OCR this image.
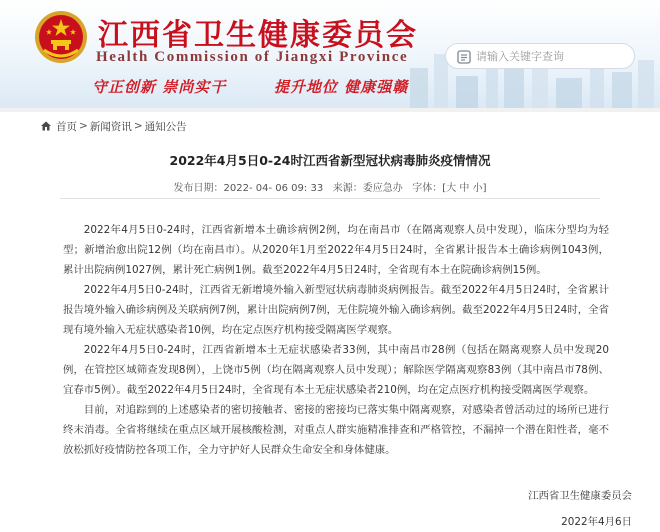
江西省卫生健康委员会
Health Commission of Jiangxi Province
守正创新 崇尚实干	提升地位 健康强赣
请输入关键字查询
首页 > 新闻资讯 > 通知公告
2022年4月5日0-24时江西省新型冠状病毒肺炎疫情情况
发布日期：2022- 04- 06 09: 33 来源：委应急办 字体：[大 中 小]

2022年4月5日0-24时，江西省新增本土确诊病例2例，均在南昌市（在隔离观察人员中发现），临床分型均为轻型；新增治愈出院12例（均在南昌市）。从2020年1月至2022年4月5日24时，全省累计报告本土确诊病例1043例，累计出院病例1027例，累计死亡病例1例。截至2022年4月5日24时，全省现有本土在院确诊病例15例。

2022年4月5日0-24时，江西省无新增境外输入新型冠状病毒肺炎病例报告。截至2022年4月5日24时，全省累计报告境外输入确诊病例及关联病例7例，累计出院病例7例，无住院境外输入确诊病例。截至2022年4月5日24时，全省现有境外输入无症状感染者10例，均在定点医疗机构接受隔离医学观察。

2022年4月5日0-24时，江西省新增本土无症状感染者33例，其中南昌市28例（包括在隔离观察人员中发现20例，在管控区域筛查发现8例），上饶市5例（均在隔离观察人员中发现）；解除医学隔离观察83例（其中南昌市78例、宜春市5例）。截至2022年4月5日24时，全省现有本土无症状感染者210例，均在定点医疗机构接受隔离医学观察。

目前，对追踪到的上述感染者的密切接触者、密接的密接均已落实集中隔离观察，对感染者曾活动过的场所已进行终末消毒。全省将继续在重点区域开展核酸检测，对重点人群实施精准排查和严格管控，不漏掉一个潜在阳性者，毫不放松抓好疫情防控各项工作，全力守护好人民群众生命安全和身体健康。

江西省卫生健康委员会
2022年4月6日
